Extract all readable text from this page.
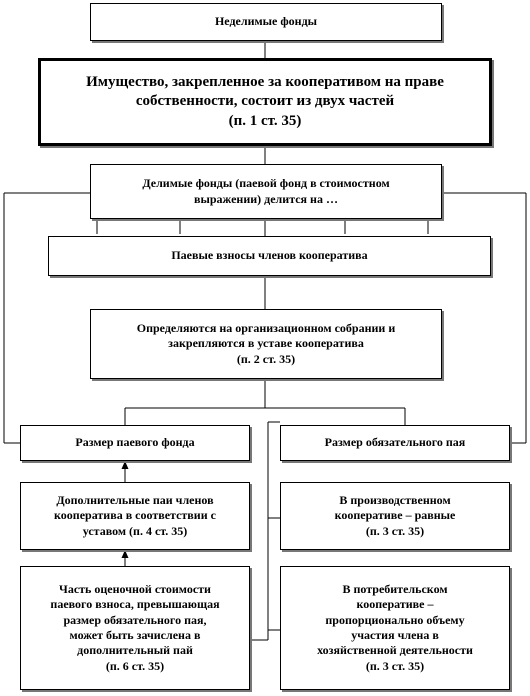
Неделимые фонды
Имущество, закрепленное за кооперативом на праве
собственности, состоит из двух частей
(п. 1 ст. 35)
Делимые фонды (паевой фонд в стоимостном
выражении) делится на …
Паевые взносы членов кооператива
Определяются на организационном собрании и
закрепляются в уставе кооператива
(п. 2 ст. 35)
Размер паевого фонда	Размер обязательного пая
Дополнительные паи членов
кооператива в соответствии с
уставом (п. 4 ст. 35)
В производственном
кооперативе – равные
(п. 3 ст. 35)
Часть оценочной стоимости
паевого взноса, превышающая
размер обязательного пая,
может быть зачислена в
дополнительный пай
(п. 6 ст. 35)
В потребительском
кооперативе –
пропорционально объему
участия члена в
хозяйственной деятельности
(п. 3 ст. 35)
